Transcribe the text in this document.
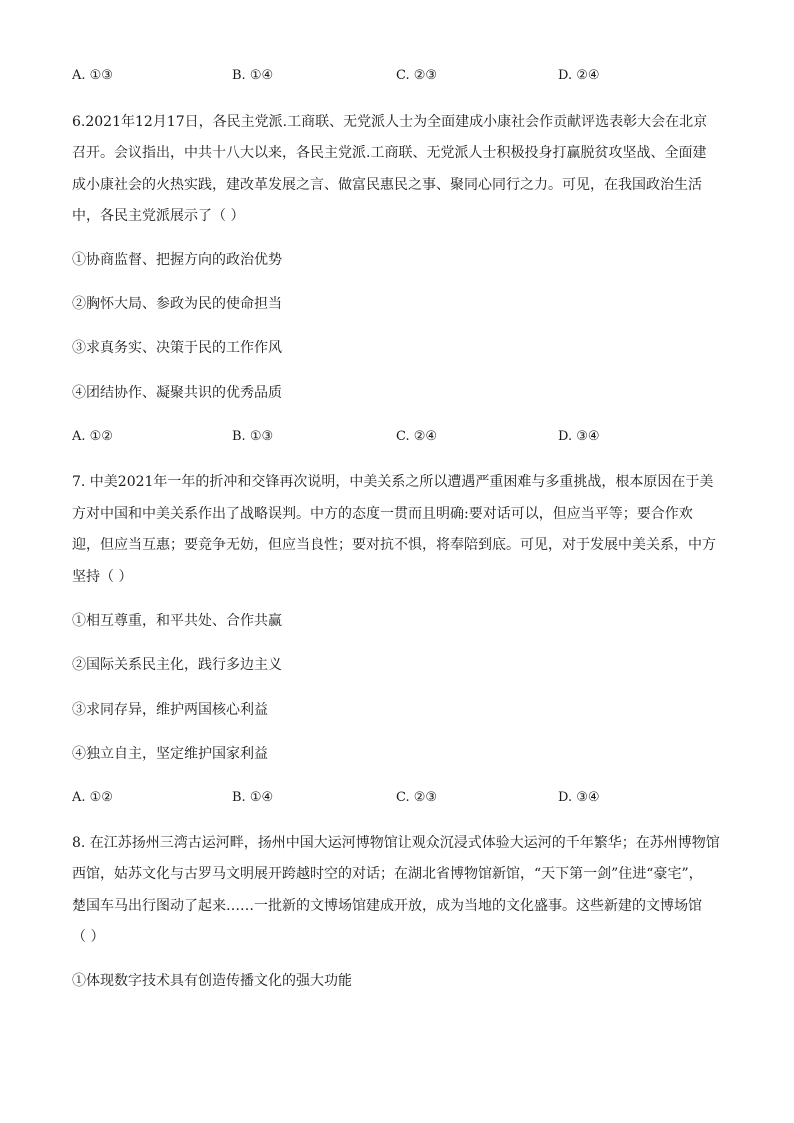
A. ①③	B. ①④	C. ②③	D. ②④
6.2021年12月17日，各民主党派.工商联、无党派人士为全面建成小康社会作贡献评选表彰大会在北京
召开。会议指出，中共十八大以来，各民主党派.工商联、无党派人士积极投身打赢脱贫攻坚战、全面建
成小康社会的火热实践，建改革发展之言、做富民惠民之事、聚同心同行之力。可见，在我国政治生活
中，各民主党派展示了（ ）
①协商监督、把握方向的政治优势
②胸怀大局、参政为民的使命担当
③求真务实、决策于民的工作作风
④团结协作、凝聚共识的优秀品质
A. ①②	B. ①③	C. ②④	D. ③④
7. 中美2021年一年的折冲和交锋再次说明，中美关系之所以遭遇严重困难与多重挑战，根本原因在于美
方对中国和中美关系作出了战略误判。中方的态度一贯而且明确:要对话可以，但应当平等；要合作欢
迎，但应当互惠；要竞争无妨，但应当良性；要对抗不惧，将奉陪到底。可见，对于发展中美关系，中方
坚持（ ）
①相互尊重，和平共处、合作共赢
②国际关系民主化，践行多边主义
③求同存异，维护两国核心利益
④独立自主，坚定维护国家利益
A. ①②	B. ①④	C. ②③	D. ③④
8. 在江苏扬州三湾古运河畔，扬州中国大运河博物馆让观众沉浸式体验大运河的千年繁华；在苏州博物馆
西馆，姑苏文化与古罗马文明展开跨越时空的对话；在湖北省博物馆新馆，“天下第一剑”住进“豪宅”，
楚国车马出行图动了起来……一批新的文博场馆建成开放，成为当地的文化盛事。这些新建的文博场馆
（ ）
①体现数字技术具有创造传播文化的强大功能
